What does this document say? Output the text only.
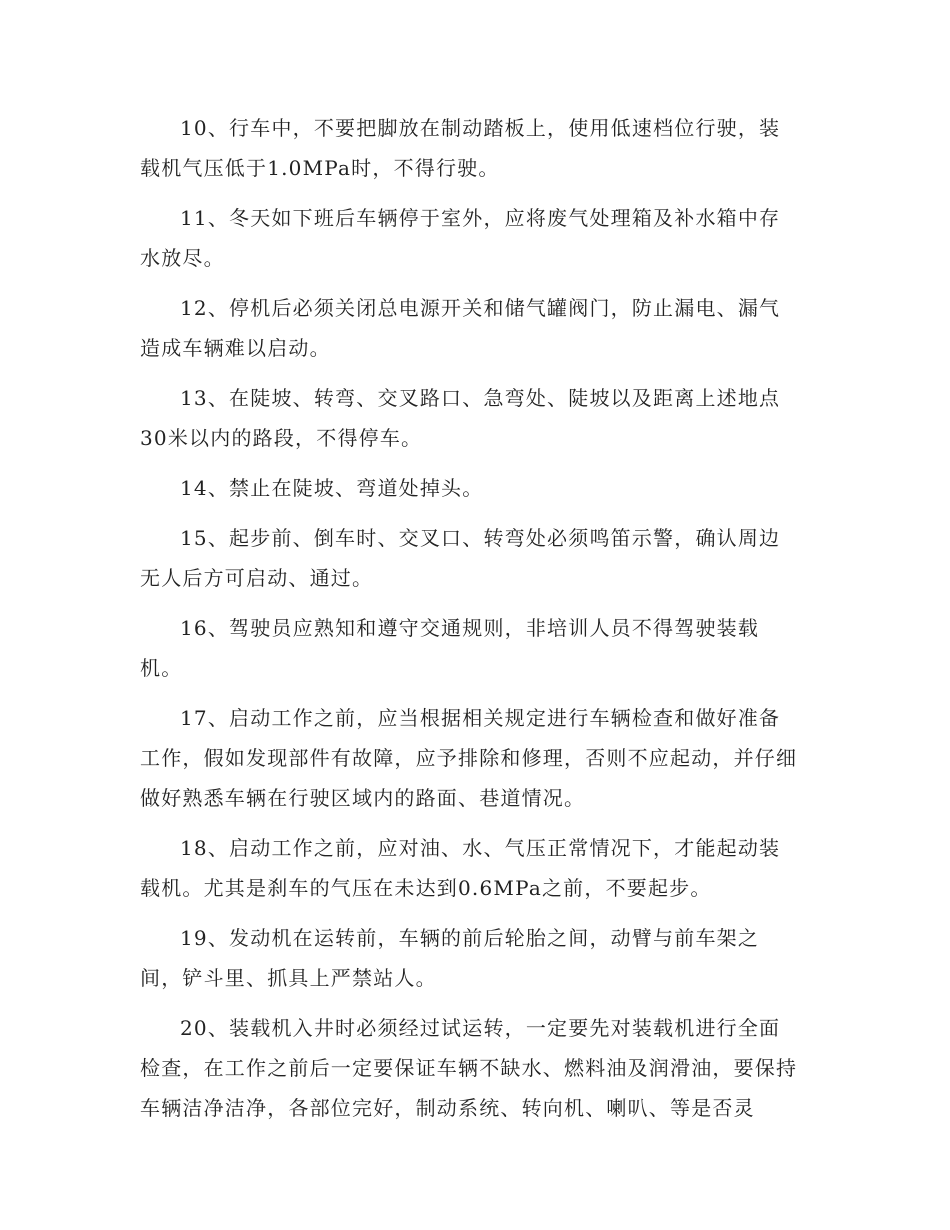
10、行车中，不要把脚放在制动踏板上，使用低速档位行驶，装载机气压低于1.0MPa时，不得行驶。

11、冬天如下班后车辆停于室外，应将废气处理箱及补水箱中存水放尽。

12、停机后必须关闭总电源开关和储气罐阀门，防止漏电、漏气造成车辆难以启动。

13、在陡坡、转弯、交叉路口、急弯处、陡坡以及距离上述地点30米以内的路段，不得停车。

14、禁止在陡坡、弯道处掉头。

15、起步前、倒车时、交叉口、转弯处必须鸣笛示警，确认周边无人后方可启动、通过。

16、驾驶员应熟知和遵守交通规则，非培训人员不得驾驶装载机。

17、启动工作之前，应当根据相关规定进行车辆检查和做好准备工作，假如发现部件有故障，应予排除和修理，否则不应起动，并仔细做好熟悉车辆在行驶区域内的路面、巷道情况。

18、启动工作之前，应对油、水、气压正常情况下，才能起动装载机。尤其是刹车的气压在未达到0.6MPa之前，不要起步。

19、发动机在运转前，车辆的前后轮胎之间，动臂与前车架之间，铲斗里、抓具上严禁站人。

20、装载机入井时必须经过试运转，一定要先对装载机进行全面检查，在工作之前后一定要保证车辆不缺水、燃料油及润滑油，要保持车辆洁净洁净，各部位完好，制动系统、转向机、喇叭、等是否灵
